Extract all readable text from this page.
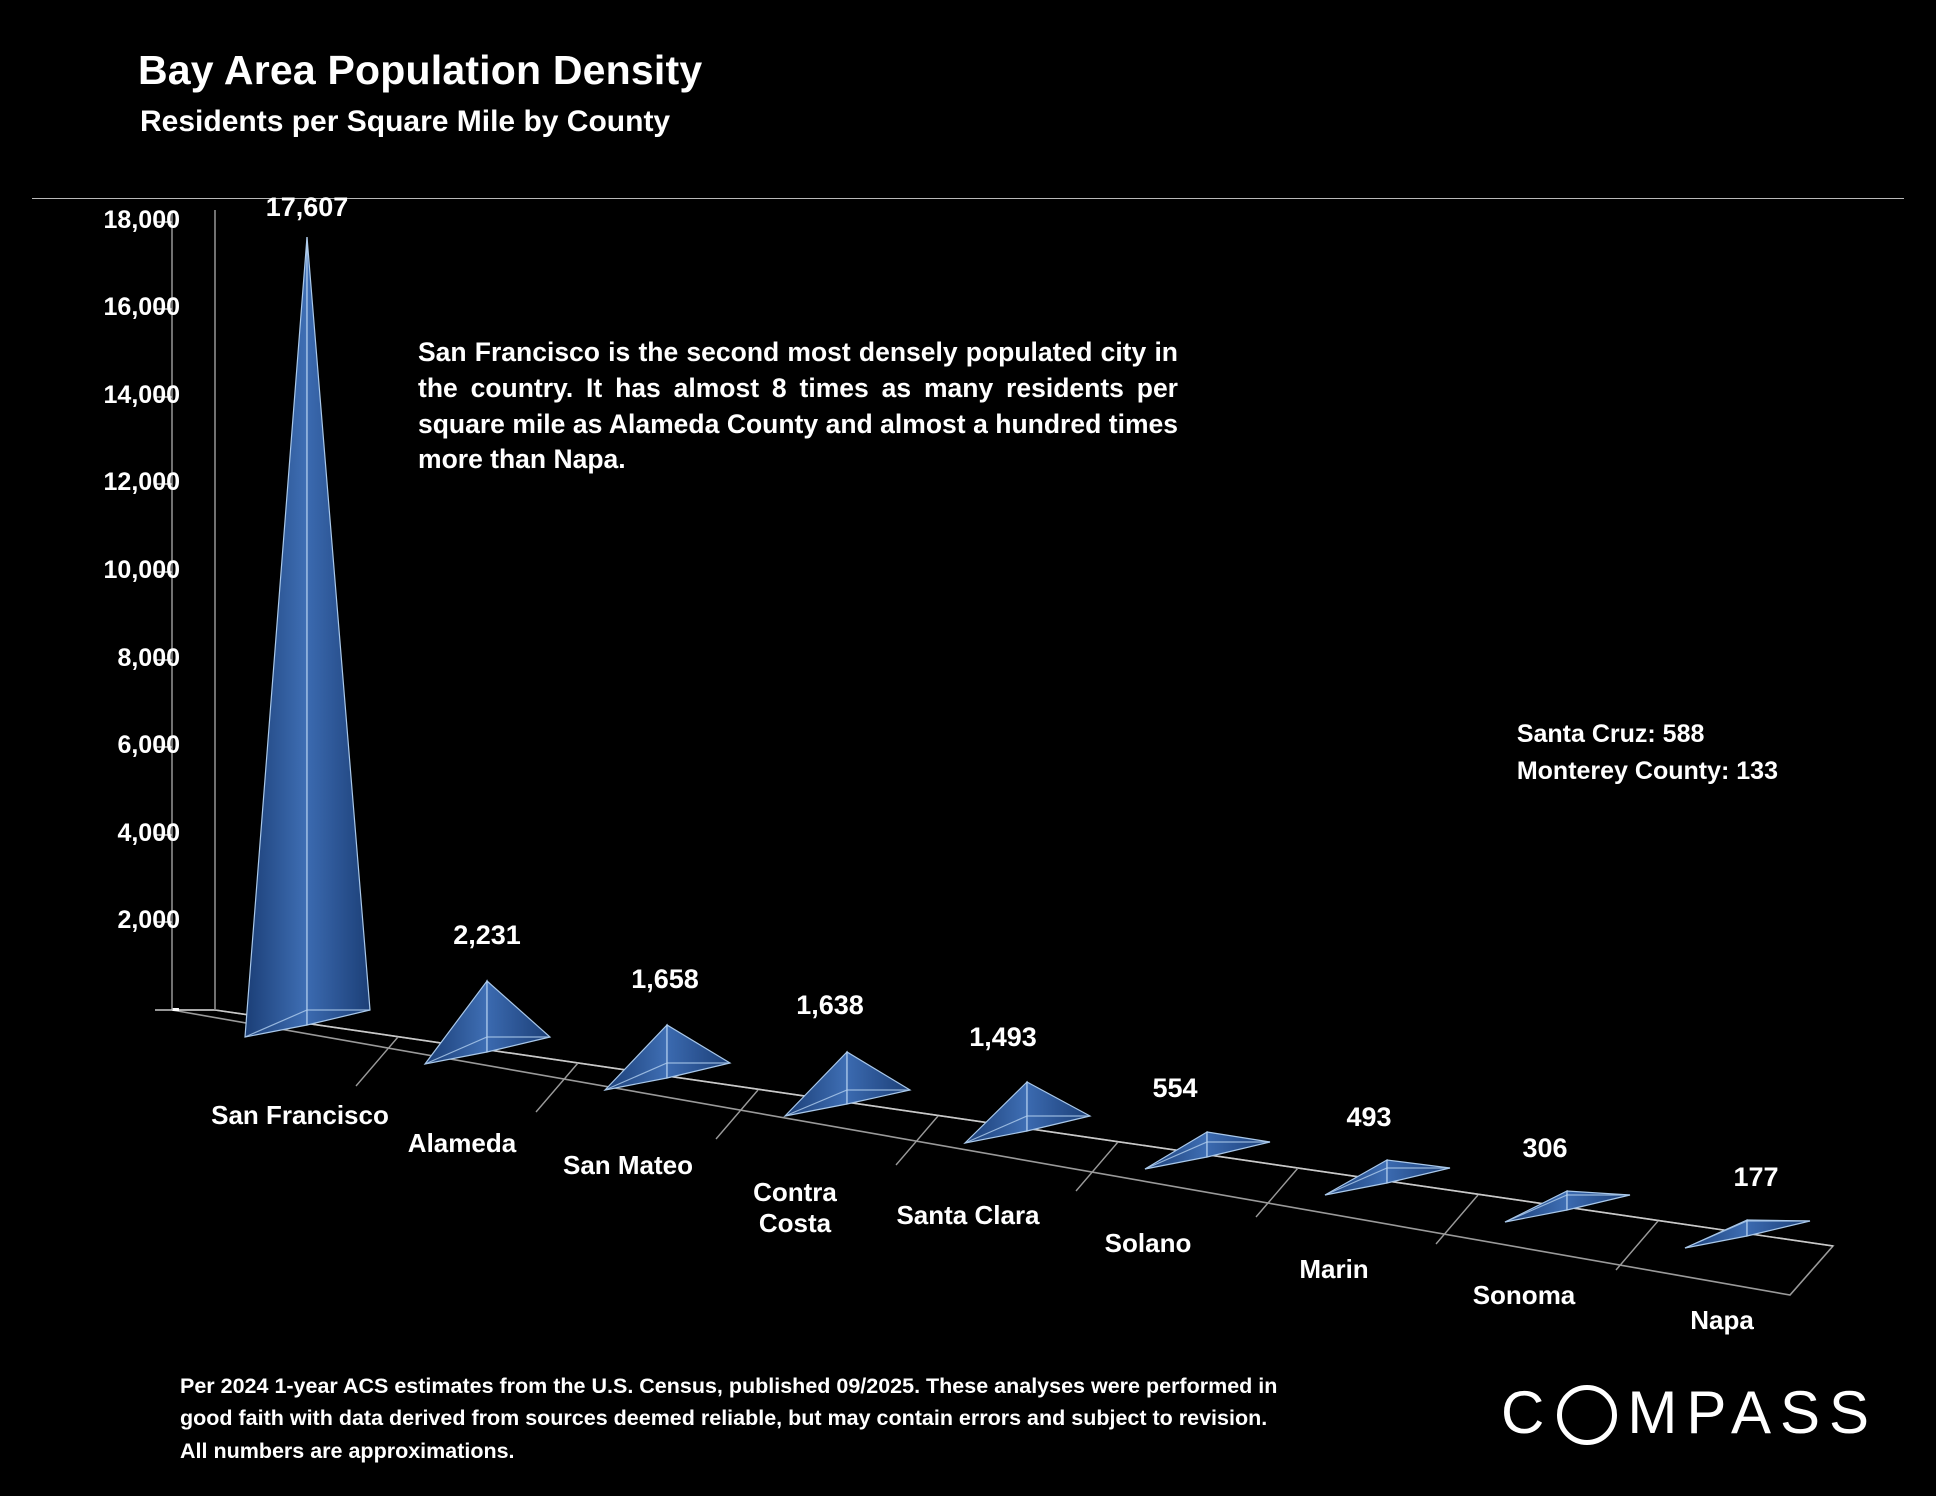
Bay Area Population Density
Residents per Square Mile by County
18,000
16,000
14,000
12,000
10,000
8,000
6,000
4,000
2,000
-
San Francisco is the second most densely populated city in the country. It has almost 8 times as many residents per square mile as Alameda County and almost a hundred times more than Napa.
Santa Cruz: 588
Monterey County: 133
17,607
2,231
1,658
1,638
1,493
554
493
306
177
San Francisco
Alameda
San Mateo
Contra Costa	Santa Clara
Solano
Marin
Sonoma
Napa
Per 2024 1-year ACS estimates from the U.S. Census, published 09/2025. These analyses were performed in good faith with data derived from sources deemed reliable, but may contain errors and subject to revision. All numbers are approximations.
C MPASS
